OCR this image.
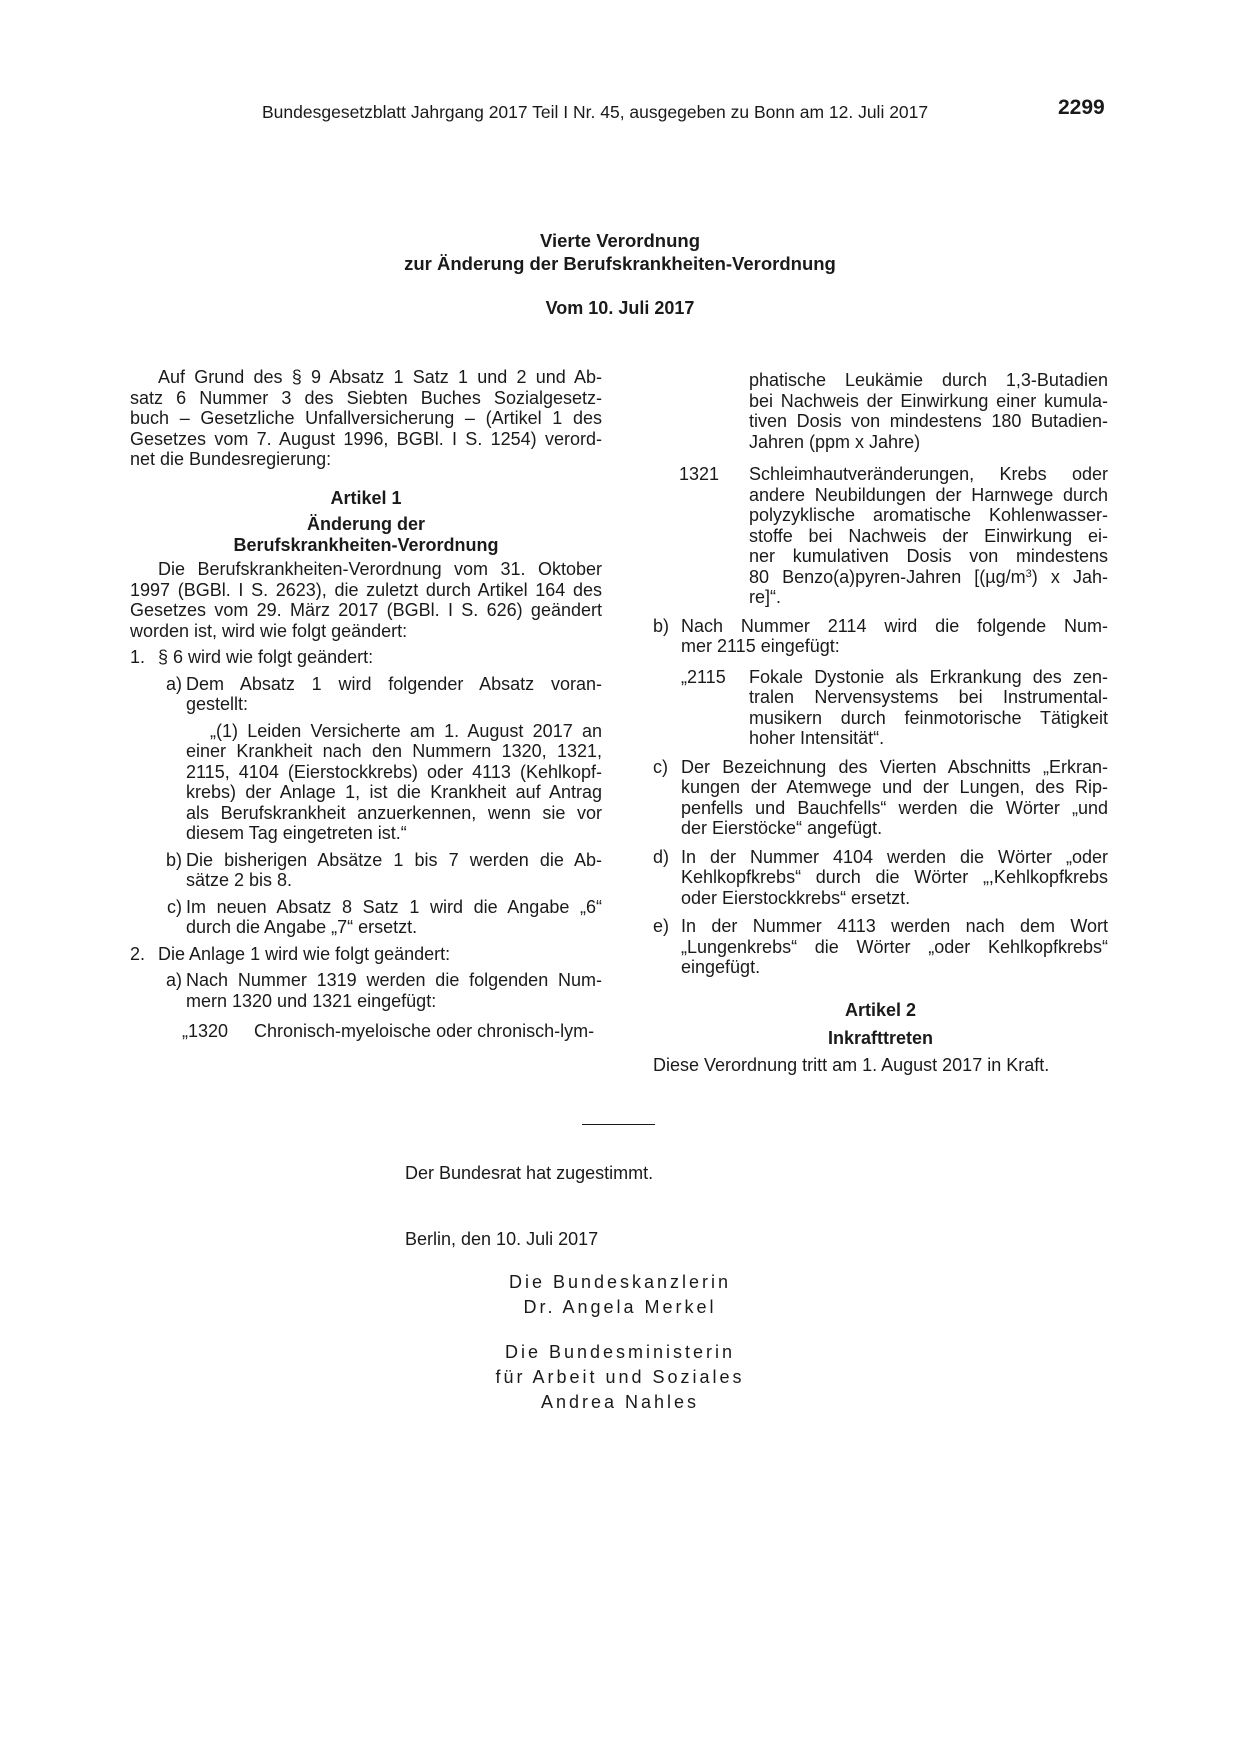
Bundesgesetzblatt Jahrgang 2017 Teil I Nr. 45, ausgegeben zu Bonn am 12. Juli 2017	2299
Vierte Verordnung
zur Änderung der Berufskrankheiten-Verordnung
Vom 10. Juli 2017
Auf Grund des § 9 Absatz 1 Satz 1 und 2 und Ab-
satz 6 Nummer 3 des Siebten Buches Sozialgesetz-
buch – Gesetzliche Unfallversicherung – (Artikel 1 des
Gesetzes vom 7. August 1996, BGBl. I S. 1254) verord-
net die Bundesregierung:
Artikel 1
Änderung der
Berufskrankheiten-Verordnung
Die Berufskrankheiten-Verordnung vom 31. Oktober
1997 (BGBl. I S. 2623), die zuletzt durch Artikel 164 des
Gesetzes vom 29. März 2017 (BGBl. I S. 626) geändert
worden ist, wird wie folgt geändert:
1. § 6 wird wie folgt geändert:
a) Dem Absatz 1 wird folgender Absatz voran-
gestellt:
„(1) Leiden Versicherte am 1. August 2017 an
einer Krankheit nach den Nummern 1320, 1321,
2115, 4104 (Eierstockkrebs) oder 4113 (Kehlkopf-
krebs) der Anlage 1, ist die Krankheit auf Antrag
als Berufskrankheit anzuerkennen, wenn sie vor
diesem Tag eingetreten ist.“
b) Die bisherigen Absätze 1 bis 7 werden die Ab-
sätze 2 bis 8.
c) Im neuen Absatz 8 Satz 1 wird die Angabe „6“
durch die Angabe „7“ ersetzt.
2. Die Anlage 1 wird wie folgt geändert:
a) Nach Nummer 1319 werden die folgenden Num-
mern 1320 und 1321 eingefügt:
„1320	Chronisch-myeloische oder chronisch-lym-
phatische Leukämie durch 1,3-Butadien
bei Nachweis der Einwirkung einer kumula-
tiven Dosis von mindestens 180 Butadien-
Jahren (ppm x Jahre)
1321	Schleimhautveränderungen, Krebs oder
andere Neubildungen der Harnwege durch
polyzyklische aromatische Kohlenwasser-
stoffe bei Nachweis der Einwirkung ei-
ner kumulativen Dosis von mindestens
80 Benzo(a)pyren-Jahren [$(\mu g/m^3)$ x Jah-
re]“.
b) Nach Nummer 2114 wird die folgende Num-
mer 2115 eingefügt:
„2115	Fokale Dystonie als Erkrankung des zen-
tralen Nervensystems bei Instrumental-
musikern durch feinmotorische Tätigkeit
hoher Intensität“.
c) Der Bezeichnung des Vierten Abschnitts „Erkran-
kungen der Atemwege und der Lungen, des Rip-
penfells und Bauchfells“ werden die Wörter „und
der Eierstöcke“ angefügt.
d) In der Nummer 4104 werden die Wörter „oder
Kehlkopfkrebs“ durch die Wörter „,Kehlkopfkrebs
oder Eierstockkrebs“ ersetzt.
e) In der Nummer 4113 werden nach dem Wort
„Lungenkrebs“ die Wörter „oder Kehlkopfkrebs“
eingefügt.
Artikel 2
Inkrafttreten
Diese Verordnung tritt am 1. August 2017 in Kraft.
Der Bundesrat hat zugestimmt.
Berlin, den 10. Juli 2017
Die Bundeskanzlerin
Dr. Angela Merkel
Die Bundesministerin
für Arbeit und Soziales
Andrea Nahles
